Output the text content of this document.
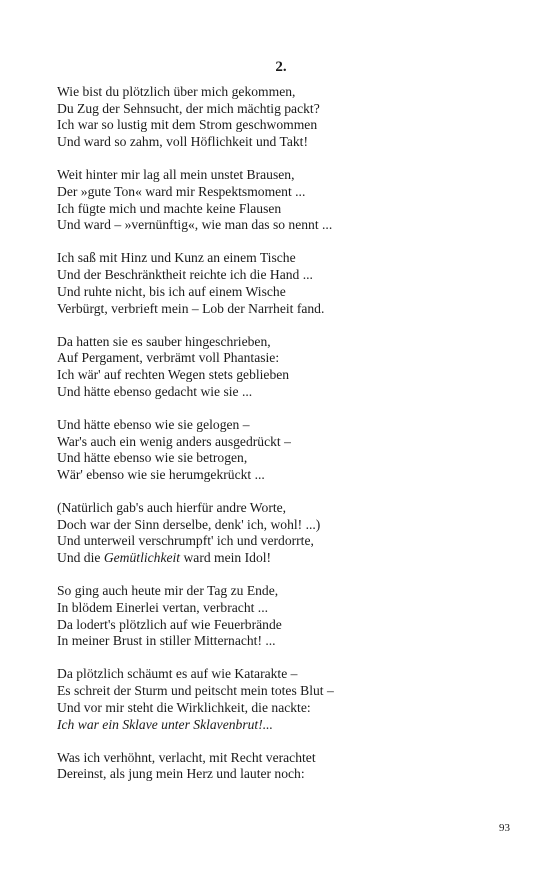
2.
Wie bist du plötzlich über mich gekommen,
Du Zug der Sehnsucht, der mich mächtig packt?
Ich war so lustig mit dem Strom geschwommen
Und ward so zahm, voll Höflichkeit und Takt!
Weit hinter mir lag all mein unstet Brausen,
Der »gute Ton« ward mir Respektsmoment ...
Ich fügte mich und machte keine Flausen
Und ward – »vernünftig«, wie man das so nennt ...
Ich saß mit Hinz und Kunz an einem Tische
Und der Beschränktheit reichte ich die Hand ...
Und ruhte nicht, bis ich auf einem Wische
Verbürgt, verbrieft mein – Lob der Narrheit fand.
Da hatten sie es sauber hingeschrieben,
Auf Pergament, verbrämt voll Phantasie:
Ich wär' auf rechten Wegen stets geblieben
Und hätte ebenso gedacht wie sie ...
Und hätte ebenso wie sie gelogen –
War's auch ein wenig anders ausgedrückt –
Und hätte ebenso wie sie betrogen,
Wär' ebenso wie sie herumgekrückt ...
(Natürlich gab's auch hierfür andre Worte,
Doch war der Sinn derselbe, denk' ich, wohl! ...)
Und unterweil verschrumpft' ich und verdorrte,
Und die Gemütlichkeit ward mein Idol!
So ging auch heute mir der Tag zu Ende,
In blödem Einerlei vertan, verbracht ...
Da lodert's plötzlich auf wie Feuerbrände
In meiner Brust in stiller Mitternacht! ...
Da plötzlich schäumt es auf wie Katarakte –
Es schreit der Sturm und peitscht mein totes Blut –
Und vor mir steht die Wirklichkeit, die nackte:
Ich war ein Sklave unter Sklavenbrut!...
Was ich verhöhnt, verlacht, mit Recht verachtet
Dereinst, als jung mein Herz und lauter noch:
93
